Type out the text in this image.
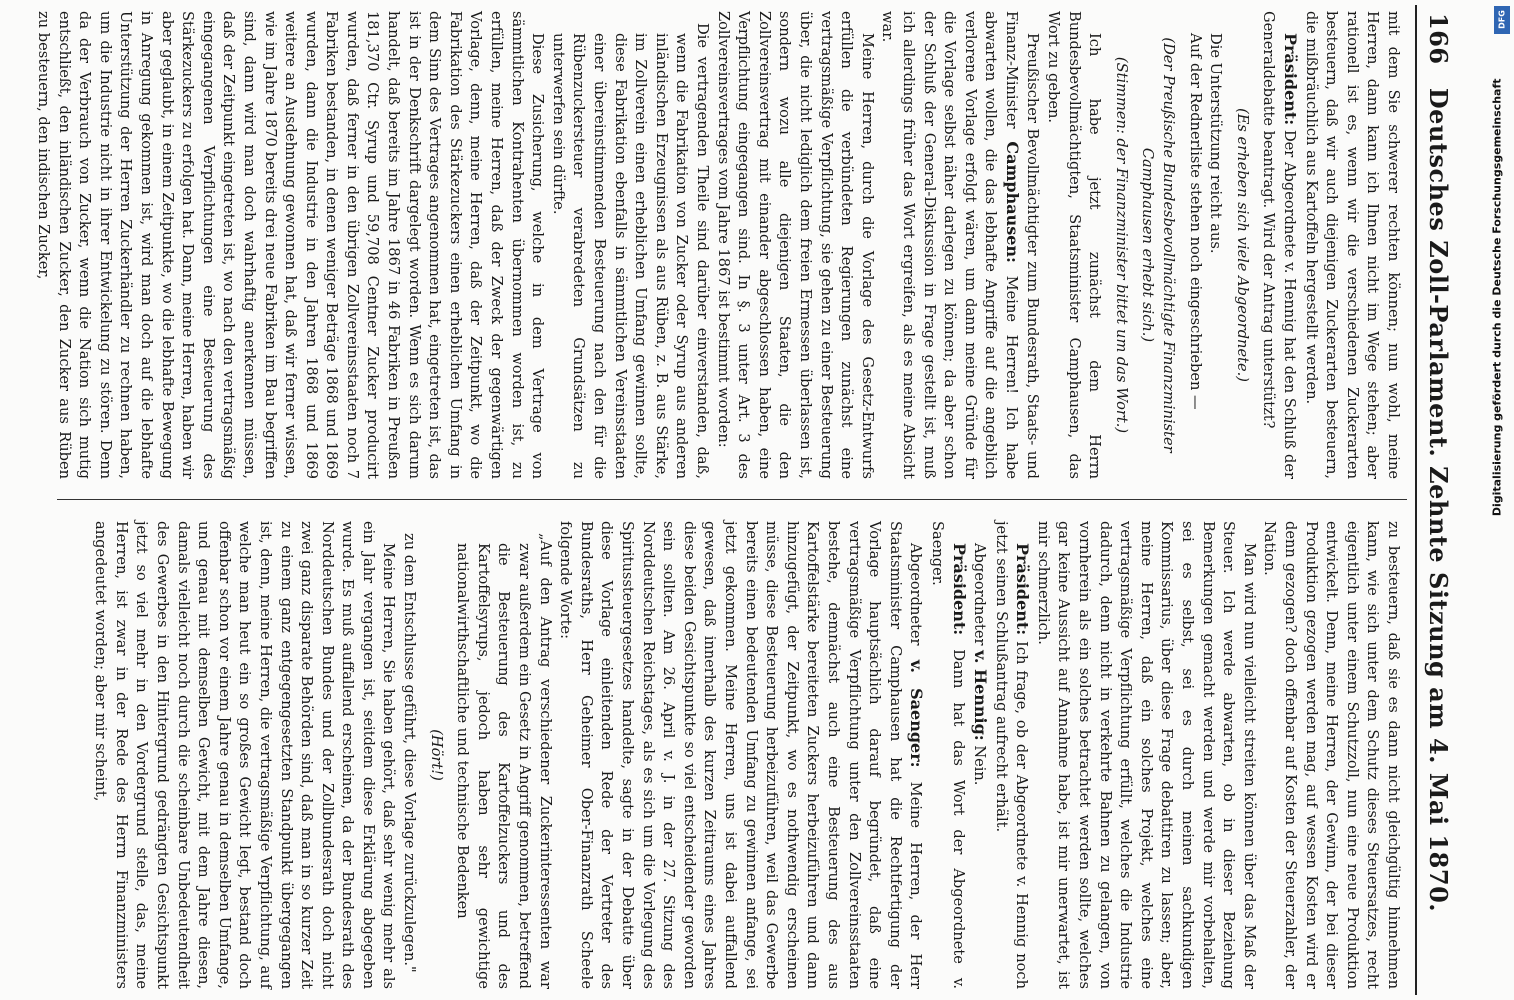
166
Deutsches Zoll-Parlament. Zehnte Sitzung am 4. Mai 1870.

mit dem Sie schwerer rechten können; nun wohl, meine Herren, dann kann ich Ihnen nicht im Wege stehen; aber rationell ist es, wenn wir die verschiedenen Zuckerarten besteuern, daß wir auch diejenigen Zuckerarten besteuern, die mißbräuchlich aus Kartoffeln hergestellt werden.

Präsident: Der Abgeordnete v. Hennig hat den Schluß der Generaldebatte beantragt. Wird der Antrag unterstützt?

(Es erheben sich viele Abgeordnete.)

Die Unterstützung reicht aus.

Auf der Rednerliste stehen noch eingeschrieben —

(Der Preußische Bundesbevollmächtigte Finanzminister Camphausen erhebt sich.)

(Stimmen: der Finanzminister bittet um das Wort.)

Ich habe jetzt zunächst dem Herrn Bundesbevollmächtigten, Staatsminister Camphausen, das Wort zu geben.

Preußischer Bevollmächtigter zum Bundesrath, Staats- und Finanz-Minister Camphausen: Meine Herren! Ich habe abwarten wollen, die das lebhafte Angriffe auf die angeblich verlorene Vorlage erfolgt wären, um dann meine Gründe für die Vorlage selbst näher darlegen zu können; da aber schon der Schluß der General-Diskussion in Frage gestellt ist, muß ich allerdings früher das Wort ergreifen, als es meine Absicht war.

Meine Herren, durch die Vorlage des Gesetz-Entwurfs erfüllen die verbündeten Regierungen zunächst eine vertragsmäßige Verpflichtung, sie gehen zu einer Besteuerung über, die nicht lediglich dem freien Ermessen überlassen ist, sondern wozu alle diejenigen Staaten, die den Zollvereinsvertrag mit einander abgeschlossen haben, eine Verpflichtung eingegangen sind. In §. 3 unter Art. 3 des Zollvereinsvertrages vom Jahre 1867 ist bestimmt worden:

Die vertragenden Theile sind darüber einverstanden, daß, wenn die Fabrikation von Zucker oder Syrup aus anderen inländischen Erzeugnissen als aus Rüben, z. B. aus Stärke, im Zollverein einen erheblichen Umfang gewinnen sollte, diese Fabrikation ebenfalls in sämmtlichen Vereinsstaaten einer übereinstimmenden Besteuerung nach den für die Rübenzuckersteuer verabredeten Grundsätzen zu unterwerfen sein dürfte.

Diese Zusicherung, welche in dem Vertrage von sämmtlichen Kontrahenten übernommen worden ist, zu erfüllen, meine Herren, daß der Zweck der gegenwärtigen Vorlage, denn, meine Herren, daß der Zeitpunkt, wo die Fabrikation des Stärkezuckers einen erheblichen Umfang in dem Sinn des Vertrages angenommen hat, eingetreten ist, das ist in der Denkschrift dargelegt worden. Wenn es sich darum handelt, daß bereits im Jahre 1867 in 46 Fabriken in Preußen 181,370 Ctr. Syrup und 59,708 Centner Zucker producirt wurden, daß ferner in den übrigen Zollvereinsstaaten noch 7 Fabriken bestanden, in denen weniger Beträge 1868 und 1869 wurden, dann die Industrie in den Jahren 1868 und 1869 weitere an Ausdehnung gewonnen hat, daß wir ferner wissen, wie im Jahre 1870 bereits drei neue Fabriken im Bau begriffen sind, dann wird man doch wahrhaftig anerkennen müssen, daß der Zeitpunkt eingetreten ist, wo nach den vertragsmäßig eingegangenen Verpflichtungen eine Besteuerung des Stärkezuckers zu erfolgen hat. Dann, meine Herren, haben wir aber geglaubt, in einem Zeitpunkte, wo die lebhafte Bewegung in Anregung gekommen ist, wird man doch auf die lebhafte Unterstützung der Herren Zuckerhändler zu rechnen haben, um die Industrie nicht in ihrer Entwickelung zu stören. Denn da der Verbrauch von Zucker, wenn die Nation sich mutig entschließt, den inländischen Zucker, den Zucker aus Rüben zu besteuern, den indischen Zucker,

zu besteuern, daß sie es dann nicht gleichgültig hinnehmen kann, wie sich unter dem Schutz dieses Steuersatzes, recht eigentlich unter einem Schutzzoll, nun eine neue Produktion entwickelt. Denn, meine Herren, der Gewinn, der bei dieser Produktion gezogen werden mag, auf wessen Kosten wird er denn gezogen? doch offenbar auf Kosten der Steuerzahler, der Nation.

Man wird nun vielleicht streiten können über das Maß der Steuer. Ich werde abwarten, ob in dieser Beziehung Bemerkungen gemacht werden und werde mir vorbehalten, sei es selbst, sei es durch meinen sachkundigen Kommissarius, über diese Frage debattiren zu lassen; aber, meine Herren, daß ein solches Projekt, welches eine vertragsmäßige Verpflichtung erfüllt, welches die Industrie dadurch, denn nicht in verkehrte Bahnen zu gelangen, von vornherein als ein solches betrachtet werden sollte, welches gar keine Aussicht auf Annahme habe, ist mir unerwartet, ist mir schmerzlich.

Präsident: Ich frage, ob der Abgeordnete v. Hennig noch jetzt seinen Schlußantrag aufrecht erhält.

Abgeordneter v. Hennig: Nein.

Präsident: Dann hat das Wort der Abgeordnete v. Saenger.

Abgeordneter v. Saenger: Meine Herren, der Herr Staatsminister Camphausen hat die Rechtfertigung der Vorlage hauptsächlich darauf begründet, daß eine vertragsmäßige Verpflichtung unter den Zollvereinsstaaten bestehe, demnächst auch eine Besteuerung des aus Kartoffelstärke bereiteten Zuckers herbeizuführen und dann hinzugefügt, der Zeitpunkt, wo es nothwendig erscheinen müsse, diese Besteuerung herbeizuführen, weil das Gewerbe bereits einen bedeutenden Umfang zu gewinnen anfange, sei jetzt gekommen. Meine Herren, uns ist dabei auffallend gewesen, daß innerhalb des kurzen Zeitraums eines Jahres diese beiden Gesichtspunkte so viel entscheidender geworden sein sollten. Am 26. April v. J. in der 27. Sitzung des Norddeutschen Reichstages, als es sich um die Vorlegung des Spiritussteuergesetzes handelte, sagte in der Debatte über diese Vorlage einleitenden Rede der Vertreter des Bundesraths, Herr Geheimer Ober-Finanzrath Scheele folgende Worte:

„Auf den Antrag verschiedener Zuckerinteressenten war zwar außerdem ein Gesetz in Angriff genommen, betreffend die Besteuerung des Kartoffelzuckers und des Kartoffelsyrups, jedoch haben sehr gewichtige nationalwirthschaftliche und technische Bedenken

(Hört!)

zu dem Entschlusse geführt, diese Vorlage zurückzulegen."

Meine Herren, Sie haben gehört, daß sehr wenig mehr als ein Jahr vergangen ist, seitdem diese Erklärung abgegeben wurde. Es muß auffallend erscheinen, da der Bundesrath des Norddeutschen Bundes und der Zollbundesrath doch nicht zwei ganz disparate Behörden sind, daß man in so kurzer Zeit zu einem ganz entgegengesetzten Standpunkt übergegangen ist, denn, meine Herren, die vertragsmäßige Verpflichtung, auf welche man heut ein so großes Gewicht legt, bestand doch offenbar schon vor einem Jahre genau in demselben Umfange, und genau mit demselben Gewicht, mit dem Jahre diesen, damals vielleicht noch durch die scheinbare Unbedeutendheit des Gewerbes in den Hintergrund gedrängten Gesichtspunkt jetzt so viel mehr in den Vordergrund stelle, das, meine Herren, ist zwar in der Rede des Herrn Finanzministers angedeutet worden; aber mir scheint,

Digitalisierung gefördert durch die Deutsche Forschungsgemeinschaft
DFG
